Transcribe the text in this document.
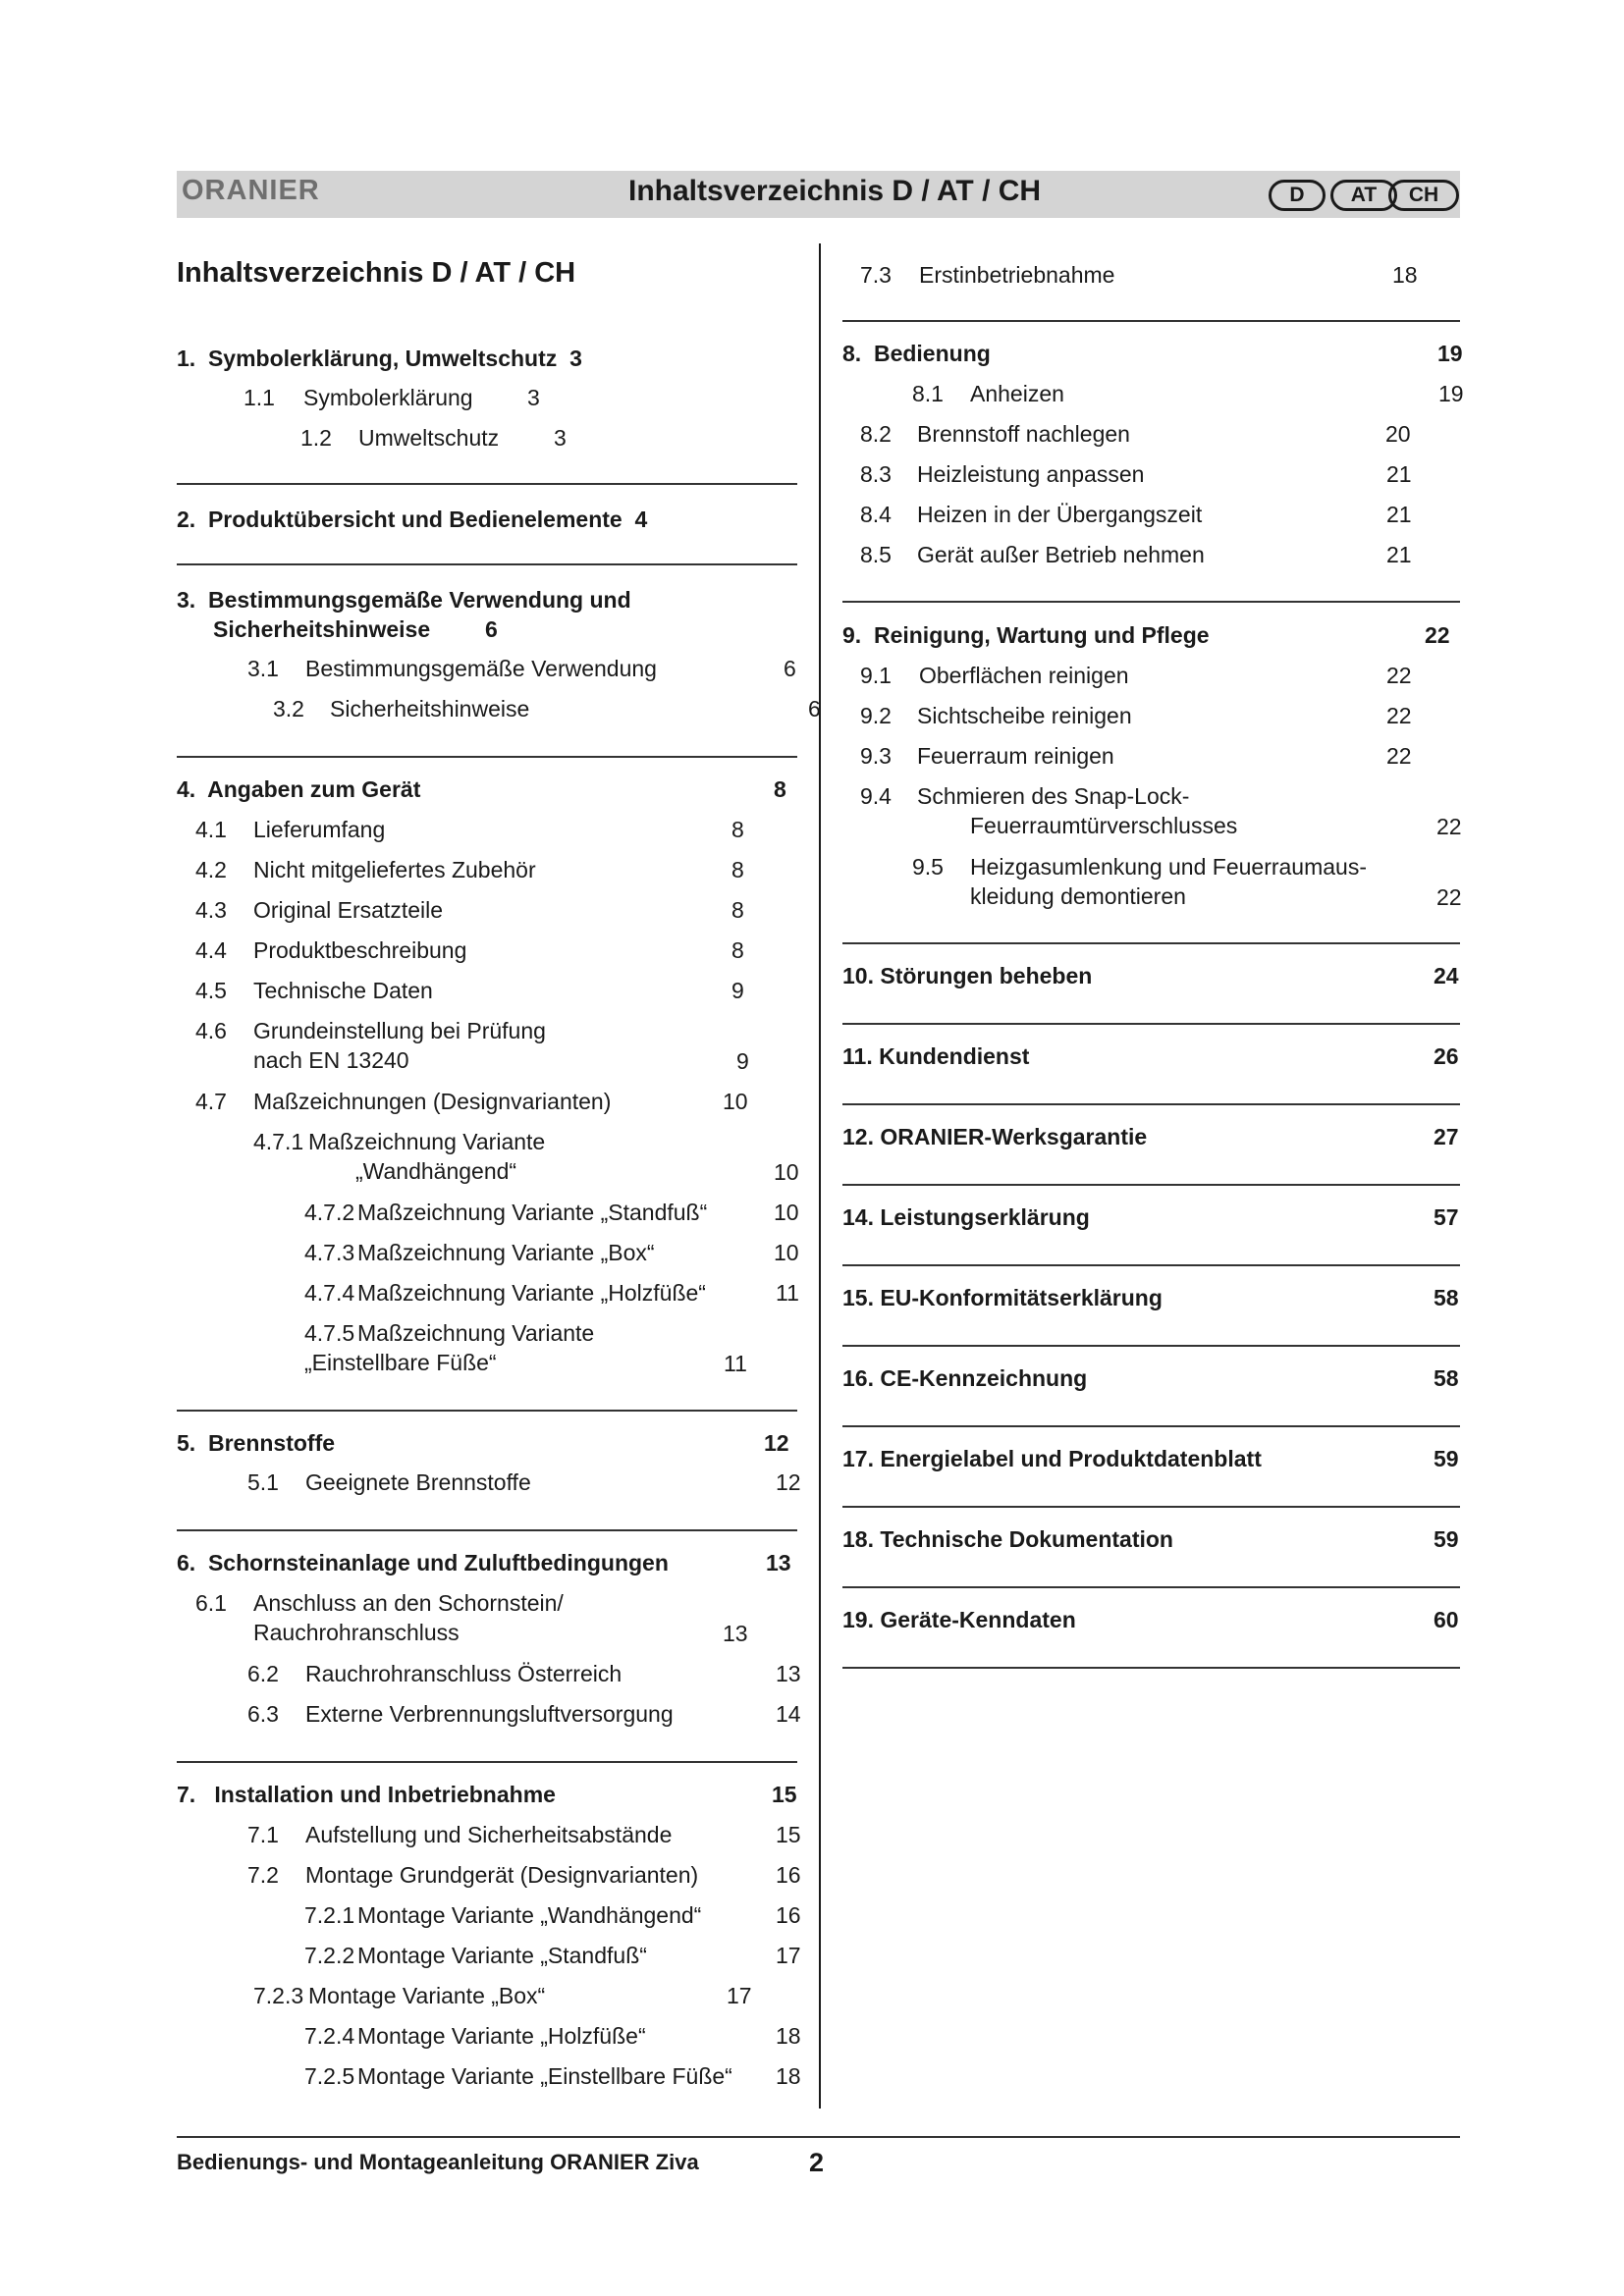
ORANIER	Inhaltsverzeichnis D / AT / CH	D	AT	CH
Inhaltsverzeichnis D / AT / CH
1. Symbolerklärung, Umweltschutz 3
1.1 Symbolerklärung 3
1.2 Umweltschutz 3
2. Produktübersicht und Bedienelemente 4
3. Bestimmungsgemäße Verwendung und
Sicherheitshinweise 6
3.1 Bestimmungsgemäße Verwendung	6
3.2 Sicherheitshinweise	6
4. Angaben zum Gerät	8
4.1 Lieferumfang	8
4.2 Nicht mitgeliefertes Zubehör	8
4.3 Original Ersatzteile	8
4.4 Produktbeschreibung	8
4.5 Technische Daten	9
4.6 Grundeinstellung bei Prüfung
nach EN 13240	9
4.7 Maßzeichnungen (Designvarianten)	10
4.7.1 Maßzeichnung Variante
„Wandhängend“	10
4.7.2 Maßzeichnung Variante „Standfuß“	10
4.7.3 Maßzeichnung Variante „Box“	10
4.7.4 Maßzeichnung Variante „Holzfüße“	11
4.7.5 Maßzeichnung Variante
„Einstellbare Füße“	11
5. Brennstoffe	12
5.1 Geeignete Brennstoffe	12
6. Schornsteinanlage und Zuluftbedingungen	13
6.1 Anschluss an den Schornstein/
Rauchrohranschluss	13
6.2 Rauchrohranschluss Österreich	13
6.3 Externe Verbrennungsluftversorgung	14
7. Installation und Inbetriebnahme	15
7.1 Aufstellung und Sicherheitsabstände	15
7.2 Montage Grundgerät (Designvarianten)	16
7.2.1 Montage Variante „Wandhängend“	16
7.2.2 Montage Variante „Standfuß“	17
7.2.3 Montage Variante „Box“	17
7.2.4 Montage Variante „Holzfüße“	18
7.2.5 Montage Variante „Einstellbare Füße“ 18
7.3 Erstinbetriebnahme	18
8. Bedienung	19
8.1 Anheizen	19
8.2 Brennstoff nachlegen	20
8.3 Heizleistung anpassen	21
8.4 Heizen in der Übergangszeit	21
8.5 Gerät außer Betrieb nehmen	21
9. Reinigung, Wartung und Pflege	22
9.1 Oberflächen reinigen	22
9.2 Sichtscheibe reinigen	22
9.3 Feuerraum reinigen	22
9.4 Schmieren des Snap-Lock-
Feuerraumtürverschlusses	22
9.5 Heizgasumlenkung und Feuerraumaus-
kleidung demontieren	22
10. Störungen beheben	24
11. Kundendienst	26
12. ORANIER-Werksgarantie	27
14. Leistungserklärung	57
15. EU-Konformitätserklärung	58
16. CE-Kennzeichnung	58
17. Energielabel und Produktdatenblatt	59
18. Technische Dokumentation	59
19. Geräte-Kenndaten	60
Bedienungs- und Montageanleitung ORANIER Ziva	2
